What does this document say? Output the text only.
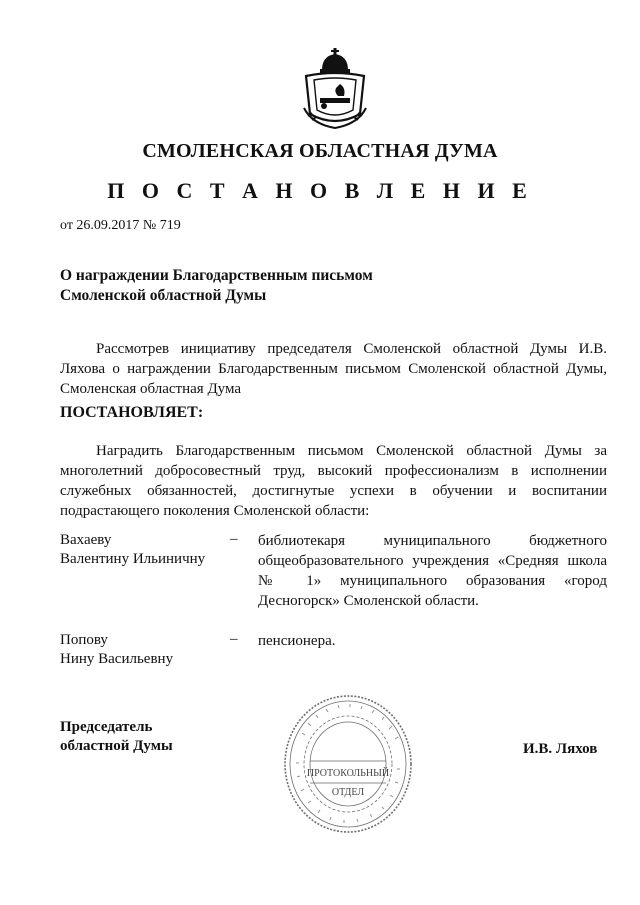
СМОЛЕНСКАЯ ОБЛАСТНАЯ ДУМА
П О С Т А Н О В Л Е Н И Е
от 26.09.2017 № 719
О награждении Благодарственным письмом
Смоленской областной Думы
Рассмотрев инициативу председателя Смоленской областной Думы И.В. Ляхова о награждении Благодарственным письмом Смоленской областной Думы, Смоленская областная Дума
ПОСТАНОВЛЯЕТ:
Наградить Благодарственным письмом Смоленской областной Думы за многолетний добросовестный труд, высокий профессионализм в исполнении служебных обязанностей, достигнутые успехи в обучении и воспитании подрастающего поколения Смоленской области:
Вахаеву
Валентину Ильиничну
– библиотекаря муниципального бюджетного общеобразовательного учреждения «Средняя школа № 1» муниципального образования «город Десногорск» Смоленской области.
Попову
Нину Васильевну
– пенсионера.
Председатель
областной Думы	И.В. Ляхов
ПРОТОКОЛЬНЫЙ
ОТДЕЛ
